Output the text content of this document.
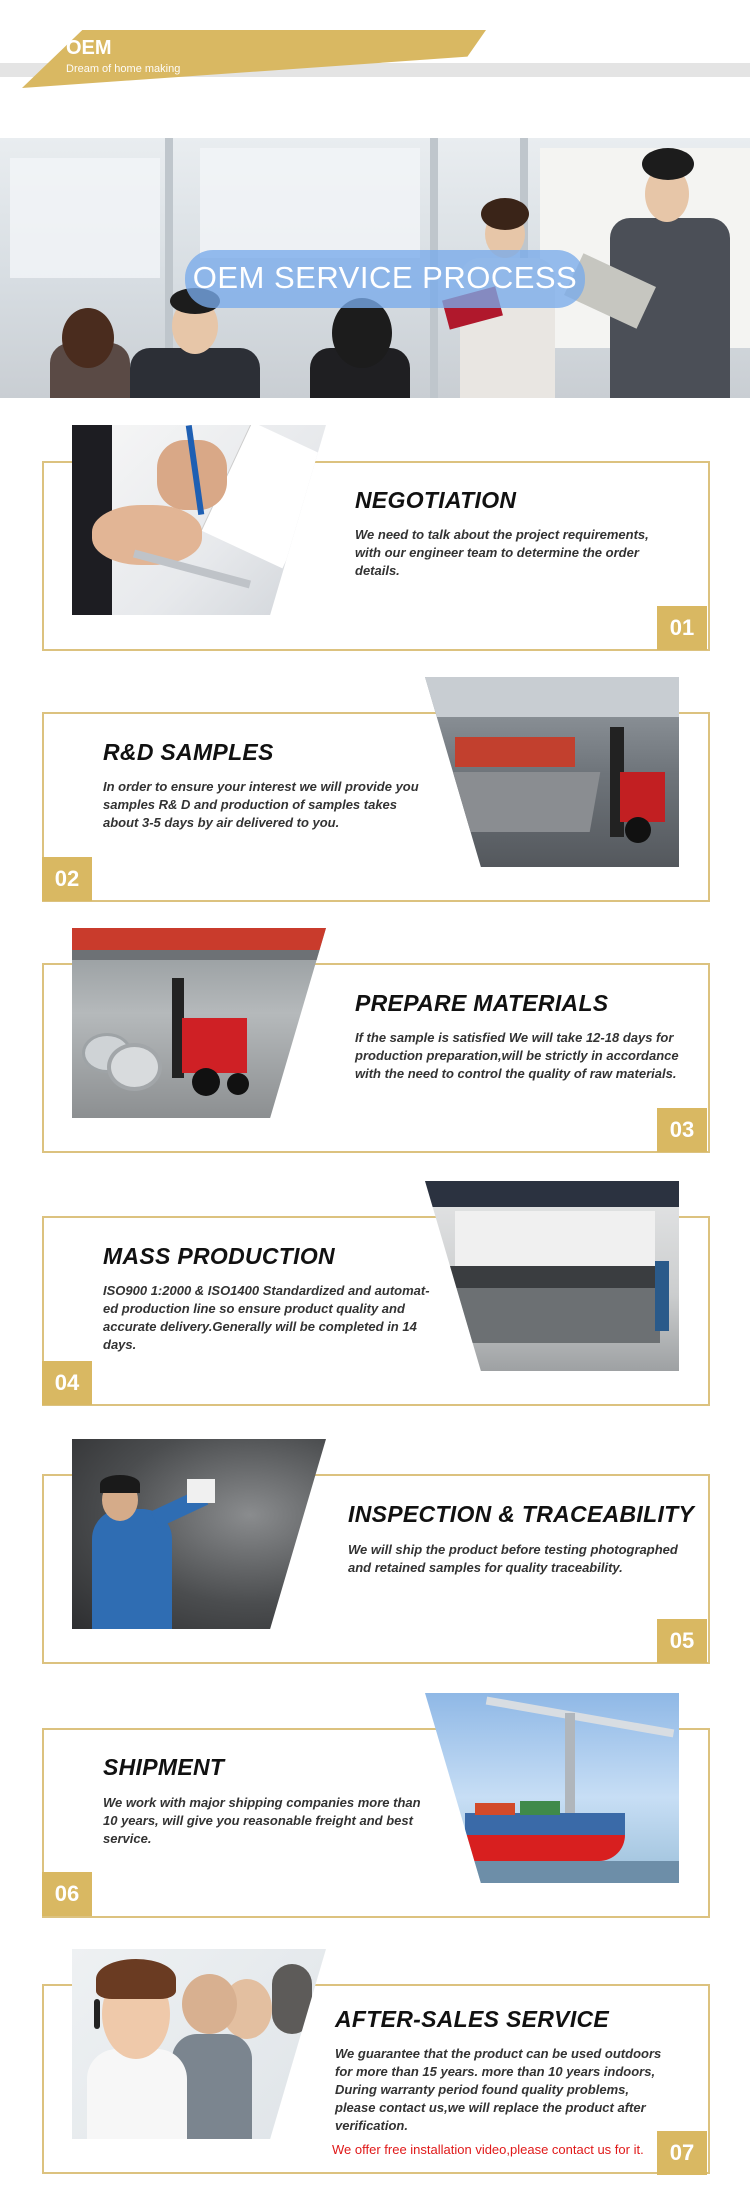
OEM
Dream of home making
OEM SERVICE PROCESS
NEGOTIATION
We need to talk about the project requirements,
with our engineer team to determine the order
details.
01
R&D SAMPLES
In order to ensure your interest we will provide you
samples R& D and production of samples takes
about 3-5 days by air delivered to you.
02
PREPARE MATERIALS
If the sample is satisfied We will take 12-18 days for
production preparation,will be strictly in accordance
with the need to control the quality of raw materials.
03
MASS PRODUCTION
ISO900 1:2000 & ISO1400 Standardized and automat-
ed production line so ensure product quality and
accurate delivery.Generally will be completed in 14
days.
04
INSPECTION & TRACEABILITY
We will ship the product before testing photographed
and retained samples for quality traceability.
05
SHIPMENT
We work with major shipping companies more than
10 years, will give you reasonable freight and best
service.
06
AFTER-SALES SERVICE
We guarantee that the product can be used outdoors
for more than 15 years. more than 10 years indoors,
During warranty period found quality problems,
please contact us,we will replace the product after
verification.
We offer free installation video,please contact us for it.	07
